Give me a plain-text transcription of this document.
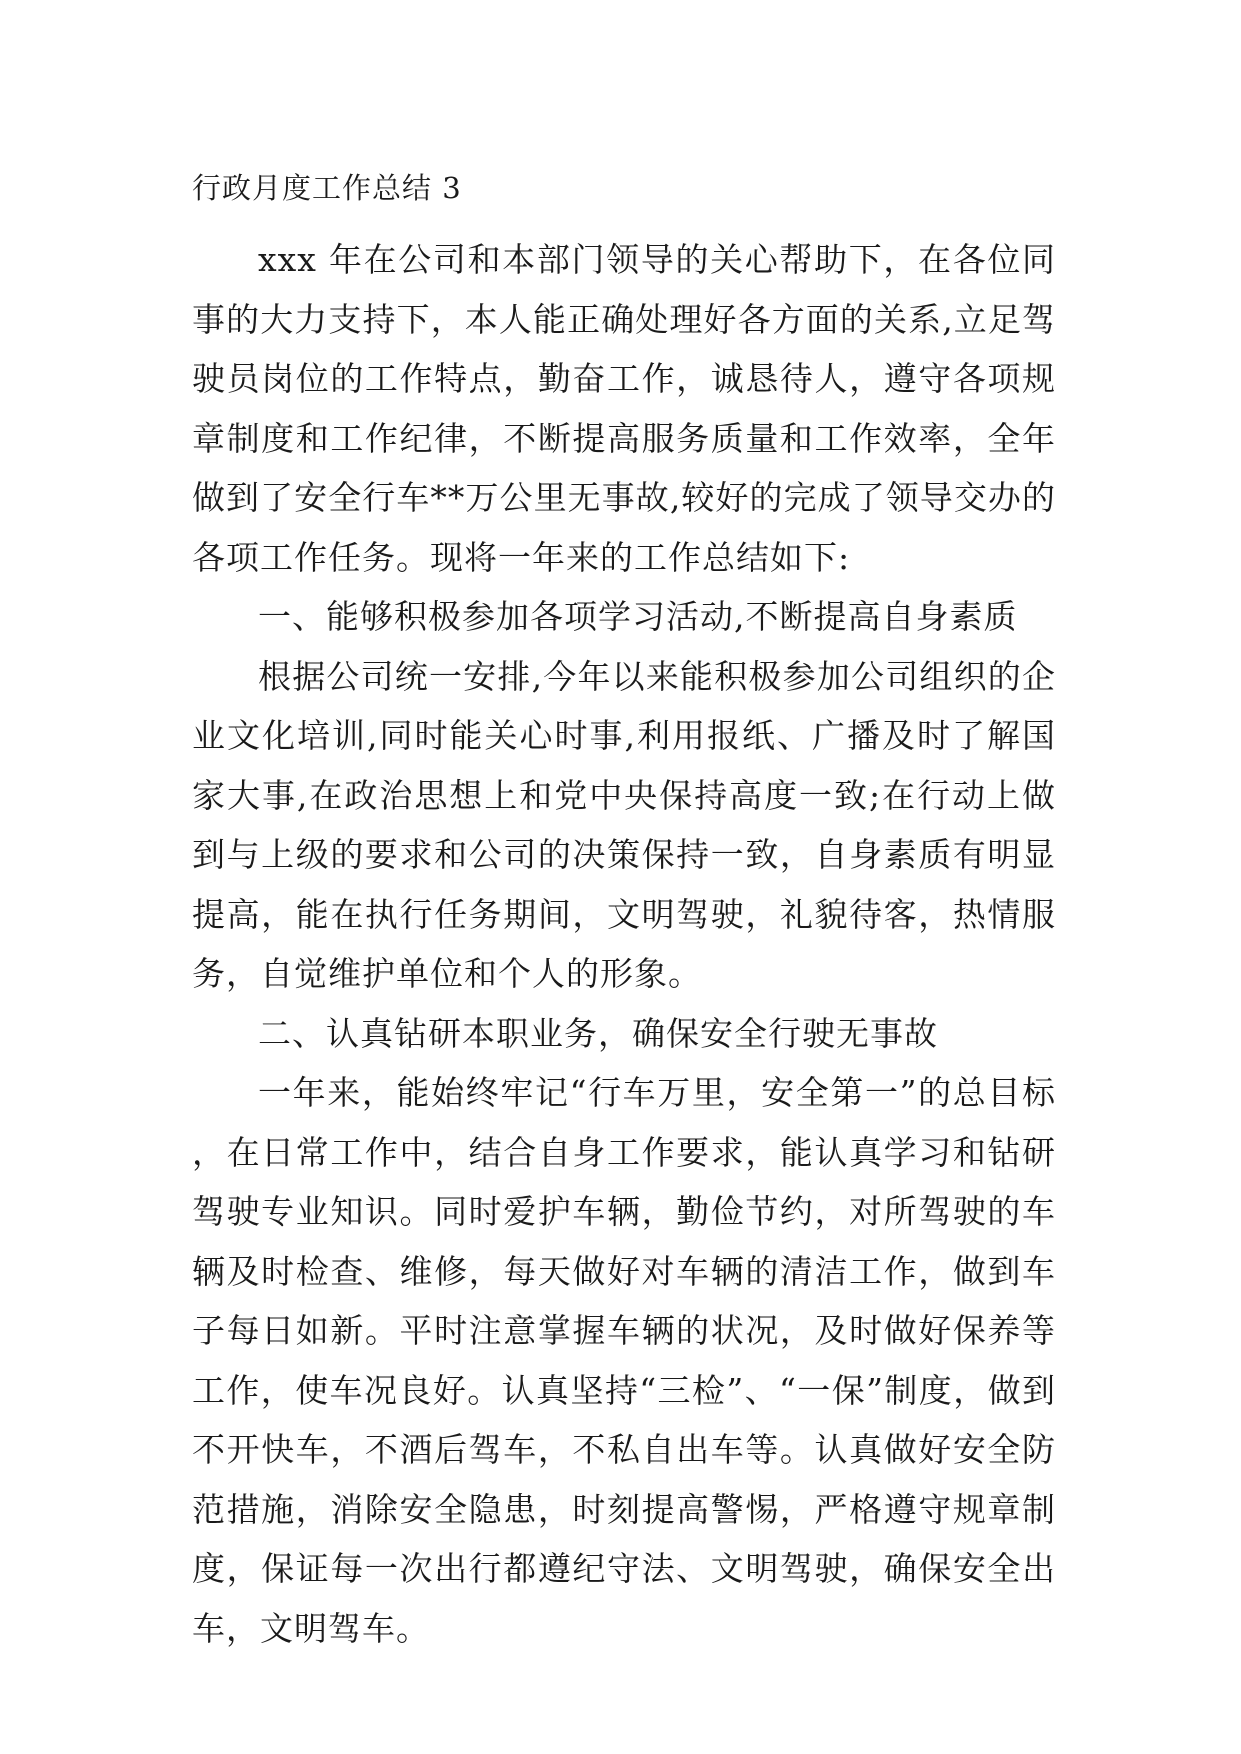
行政月度工作总结 3

xxx 年在公司和本部门领导的关心帮助下，在各位同事的大力支持下，本人能正确处理好各方面的关系,立足驾驶员岗位的工作特点，勤奋工作，诚恳待人，遵守各项规章制度和工作纪律，不断提高服务质量和工作效率，全年做到了安全行车**万公里无事故,较好的完成了领导交办的各项工作任务。现将一年来的工作总结如下:

一、能够积极参加各项学习活动,不断提高自身素质

根据公司统一安排,今年以来能积极参加公司组织的企业文化培训,同时能关心时事,利用报纸、广播及时了解国家大事,在政治思想上和党中央保持高度一致;在行动上做到与上级的要求和公司的决策保持一致，自身素质有明显提高，能在执行任务期间，文明驾驶，礼貌待客，热情服务，自觉维护单位和个人的形象。

二、认真钻研本职业务，确保安全行驶无事故

一年来，能始终牢记“行车万里，安全第一”的总目标，在日常工作中，结合自身工作要求，能认真学习和钻研驾驶专业知识。同时爱护车辆，勤俭节约，对所驾驶的车辆及时检查、维修，每天做好对车辆的清洁工作，做到车子每日如新。平时注意掌握车辆的状况，及时做好保养等工作，使车况良好。认真坚持“三检”、“一保”制度，做到不开快车，不酒后驾车，不私自出车等。认真做好安全防范措施，消除安全隐患，时刻提高警惕，严格遵守规章制度，保证每一次出行都遵纪守法、文明驾驶，确保安全出车，文明驾车。
